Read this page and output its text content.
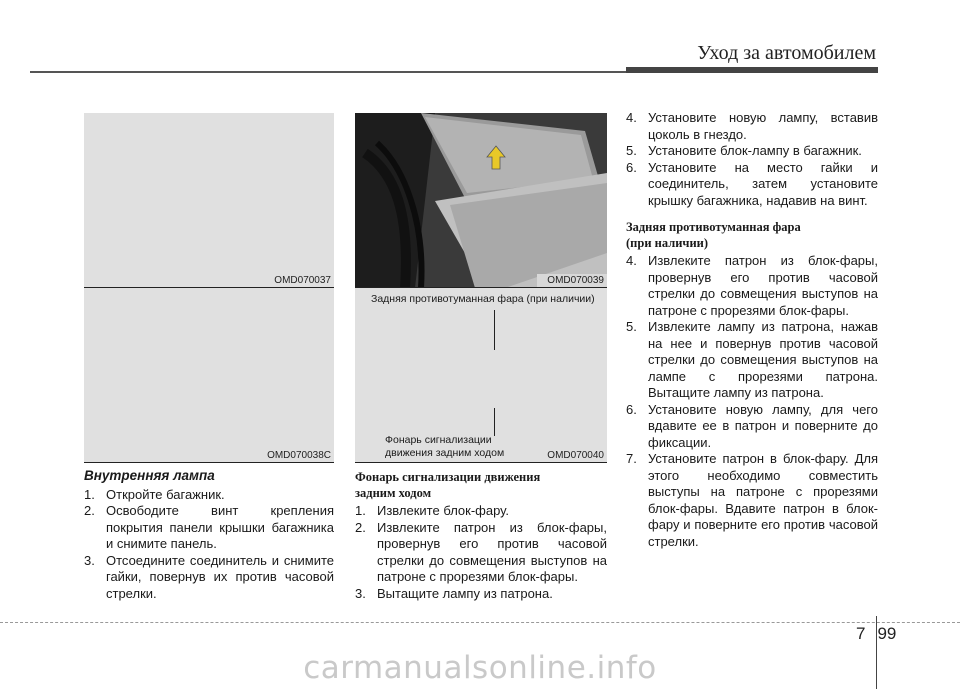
Уход за автомобилем
OMD070037
OMD070038C
OMD070039
Задняя противотуманная фара (при наличии)
Фонарь сигнализации движения задним ходом	OMD070040
Внутренняя лампа
1. Откройте багажник.
2. Освободите винт крепления покрытия панели крышки багажника и снимите панель.
3. Отсоедините соединитель и снимите гайки, повернув их против часовой стрелки.
Фонарь сигнализации движения задним ходом
1. Извлеките блок-фару.
2. Извлеките патрон из блок-фары, провернув его против часовой стрелки до совмещения выступов на патроне с прорезями блок-фары.
3. Вытащите лампу из патрона.
4. Установите новую лампу, вставив цоколь в гнездо.
5. Установите блок-лампу в багажник.
6. Установите на место гайки и соединитель, затем установите крышку багажника, надавив на винт.
Задняя противотуманная фара (при наличии)
4. Извлеките патрон из блок-фары, провернув его против часовой стрелки до совмещения выступов на патроне с прорезями блок-фары.
5. Извлеките лампу из патрона, нажав на нее и повернув против часовой стрелки до совмещения выступов на лампе с прорезями патрона. Вытащите лампу из патрона.
6. Установите новую лампу, для чего вдавите ее в патрон и поверните до фиксации.
7. Установите патрон в блок-фару. Для этого необходимо совместить выступы на патроне с прорезями блок-фары. Вдавите патрон в блок-фару и поверните его против часовой стрелки.
7 99
carmanualsonline.info
